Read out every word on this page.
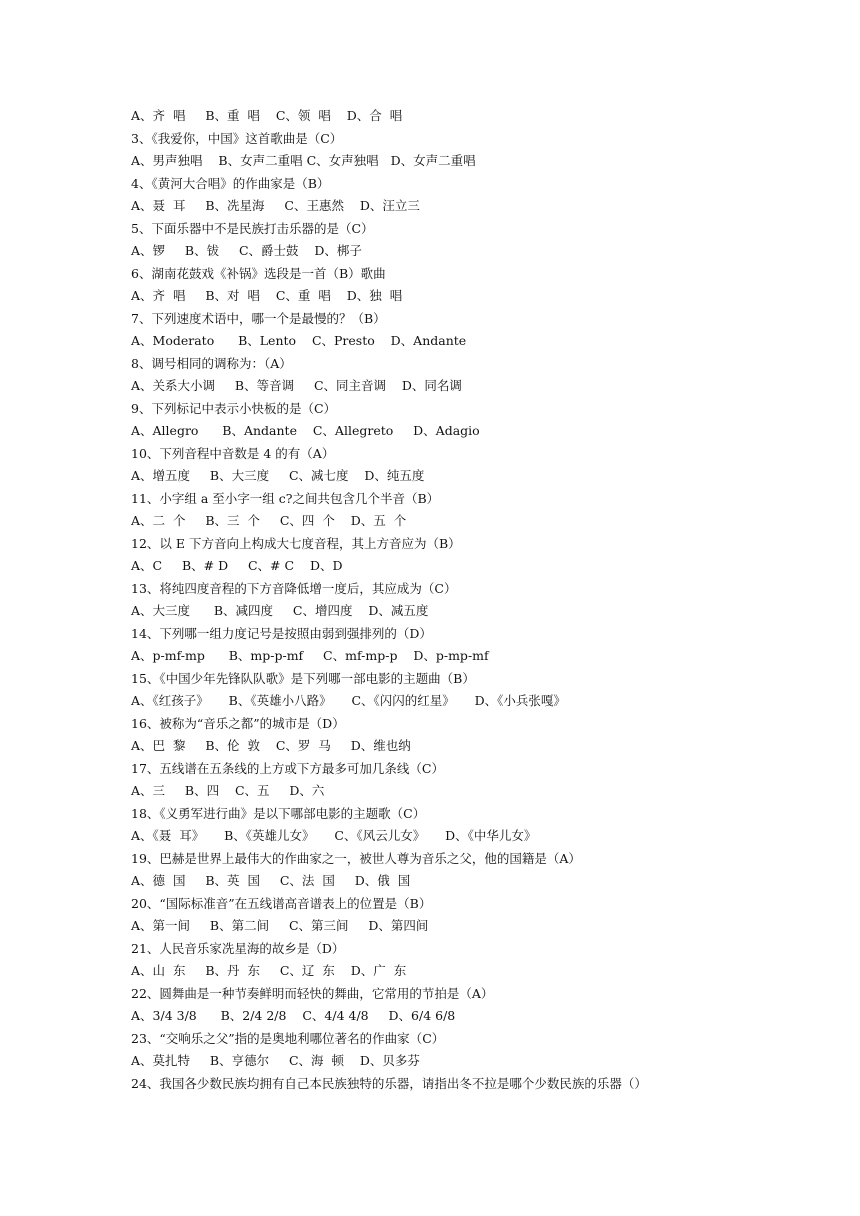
A、齐  唱     B、重  唱    C、领  唱    D、合  唱

3、《我爱你，中国》这首歌曲是（C）

A、男声独唱    B、女声二重唱 C、女声独唱   D、女声二重唱

4、《黄河大合唱》的作曲家是（B）

A、聂  耳     B、冼星海     C、王惠然    D、汪立三

5、下面乐器中不是民族打击乐器的是（C）

A、锣     B、钹     C、爵士鼓    D、梆子

6、湖南花鼓戏《补锅》选段是一首（B）歌曲

A、齐  唱     B、对  唱    C、重  唱    D、独  唱

7、下列速度术语中，哪一个是最慢的？（B）

A、Moderato      B、Lento    C、Presto    D、Andante

8、调号相同的调称为：（A）

A、关系大小调     B、等音调     C、同主音调    D、同名调

9、下列标记中表示小快板的是（C）

A、Allegro      B、Andante    C、Allegreto     D、Adagio

10、下列音程中音数是 4 的有（A）

A、增五度     B、大三度     C、减七度    D、纯五度

11、小字组 a 至小字一组 c?之间共包含几个半音（B）

A、二  个     B、三  个     C、四  个    D、五  个

12、以 E 下方音向上构成大七度音程，其上方音应为（B）

A、C     B、# D     C、# C    D、D

13、将纯四度音程的下方音降低增一度后，其应成为（C）

A、大三度      B、减四度     C、增四度    D、减五度

14、下列哪一组力度记号是按照由弱到强排列的（D）

A、p-mf-mp      B、mp-p-mf     C、mf-mp-p    D、p-mp-mf

15、《中国少年先锋队队歌》是下列哪一部电影的主题曲（B）

A、《红孩子》     B、《英雄小八路》     C、《闪闪的红星》     D、《小兵张嘎》

16、被称为“音乐之都”的城市是（D）

A、巴  黎     B、伦  敦    C、罗  马     D、维也纳

17、五线谱在五条线的上方或下方最多可加几条线（C）

A、三     B、四    C、五     D、六

18、《义勇军进行曲》是以下哪部电影的主题歌（C）

A、《聂  耳》     B、《英雄儿女》     C、《风云儿女》     D、《中华儿女》

19、巴赫是世界上最伟大的作曲家之一，被世人尊为音乐之父，他的国籍是（A）

A、德  国     B、英  国     C、法  国     D、俄  国

20、“国际标准音”在五线谱高音谱表上的位置是（B）

A、第一间     B、第二间     C、第三间     D、第四间

21、人民音乐家冼星海的故乡是（D）

A、山  东     B、丹  东     C、辽  东    D、广  东

22、圆舞曲是一种节奏鲜明而轻快的舞曲，它常用的节拍是（A）

A、3/4 3/8      B、2/4 2/8    C、4/4 4/8     D、6/4 6/8

23、“交响乐之父”指的是奥地利哪位著名的作曲家（C）

A、莫扎特     B、亨德尔     C、海  顿    D、贝多芬

24、我国各少数民族均拥有自己本民族独特的乐器，请指出冬不拉是哪个少数民族的乐器（）
